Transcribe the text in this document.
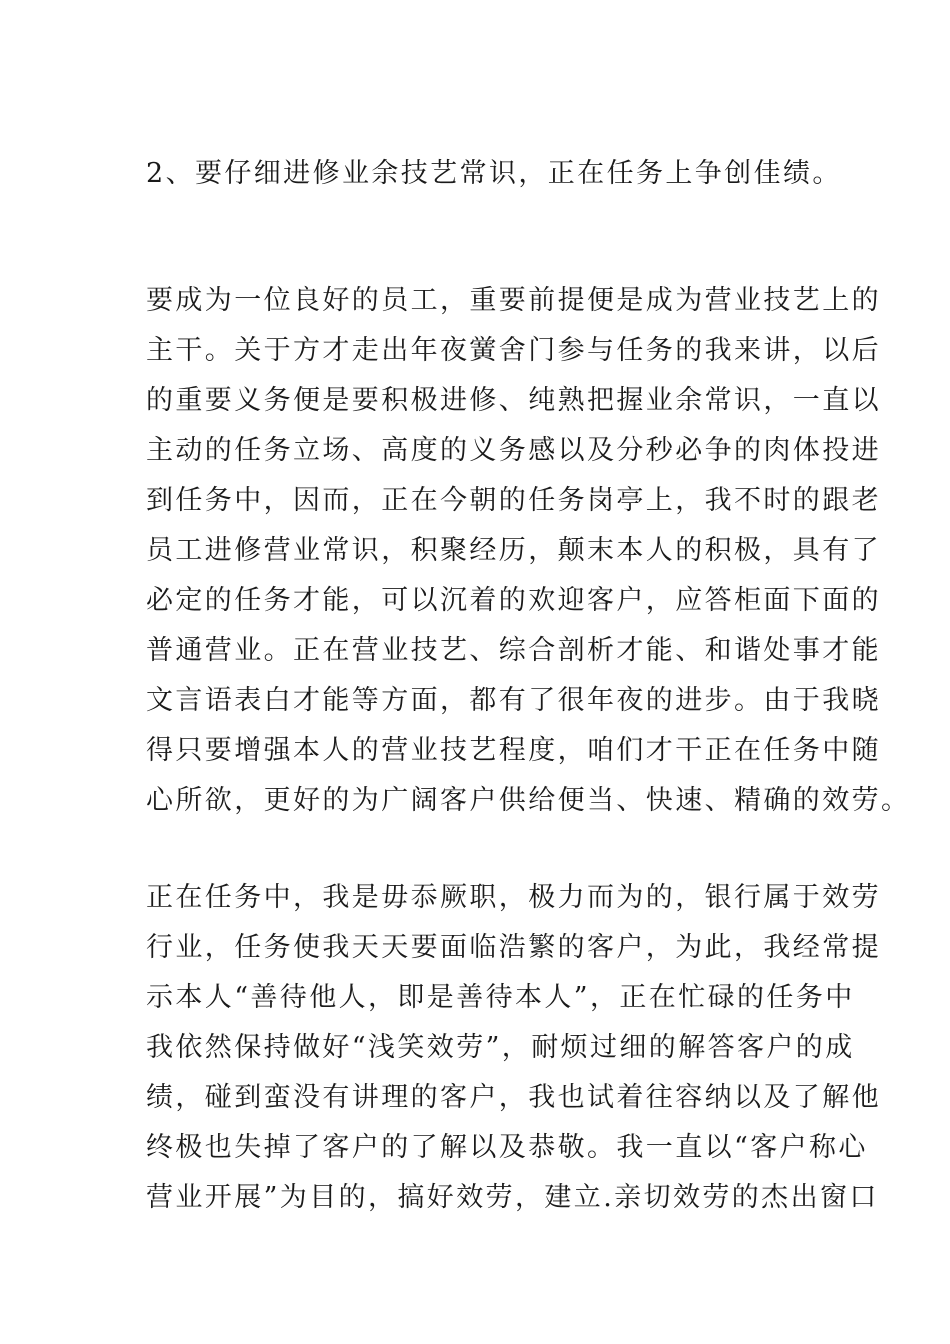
2、要仔细进修业余技艺常识，正在任务上争创佳绩。

要成为一位良好的员工，重要前提便是成为营业技艺上的

主干。关于方才走出年夜黉舍门参与任务的我来讲，以后

的重要义务便是要积极进修、纯熟把握业余常识，一直以

主动的任务立场、高度的义务感以及分秒必争的肉体投进

到任务中，因而，正在今朝的任务岗亭上，我不时的跟老

员工进修营业常识，积聚经历，颠末本人的积极，具有了

必定的任务才能，可以沉着的欢迎客户，应答柜面下面的

普通营业。正在营业技艺、综合剖析才能、和谐处事才能

文言语表白才能等方面，都有了很年夜的进步。由于我晓

得只要增强本人的营业技艺程度，咱们才干正在任务中随

心所欲，更好的为广阔客户供给便当、快速、精确的效劳。

正在任务中，我是毋忝厥职，极力而为的，银行属于效劳

行业，任务使我天天要面临浩繁的客户，为此，我经常提

示本人“善待他人，即是善待本人”，正在忙碌的任务中

我依然保持做好“浅笑效劳”，耐烦过细的解答客户的成

绩，碰到蛮没有讲理的客户，我也试着往容纳以及了解他

终极也失掉了客户的了解以及恭敬。我一直以“客户称心

营业开展”为目的，搞好效劳，建立.亲切效劳的杰出窗口
